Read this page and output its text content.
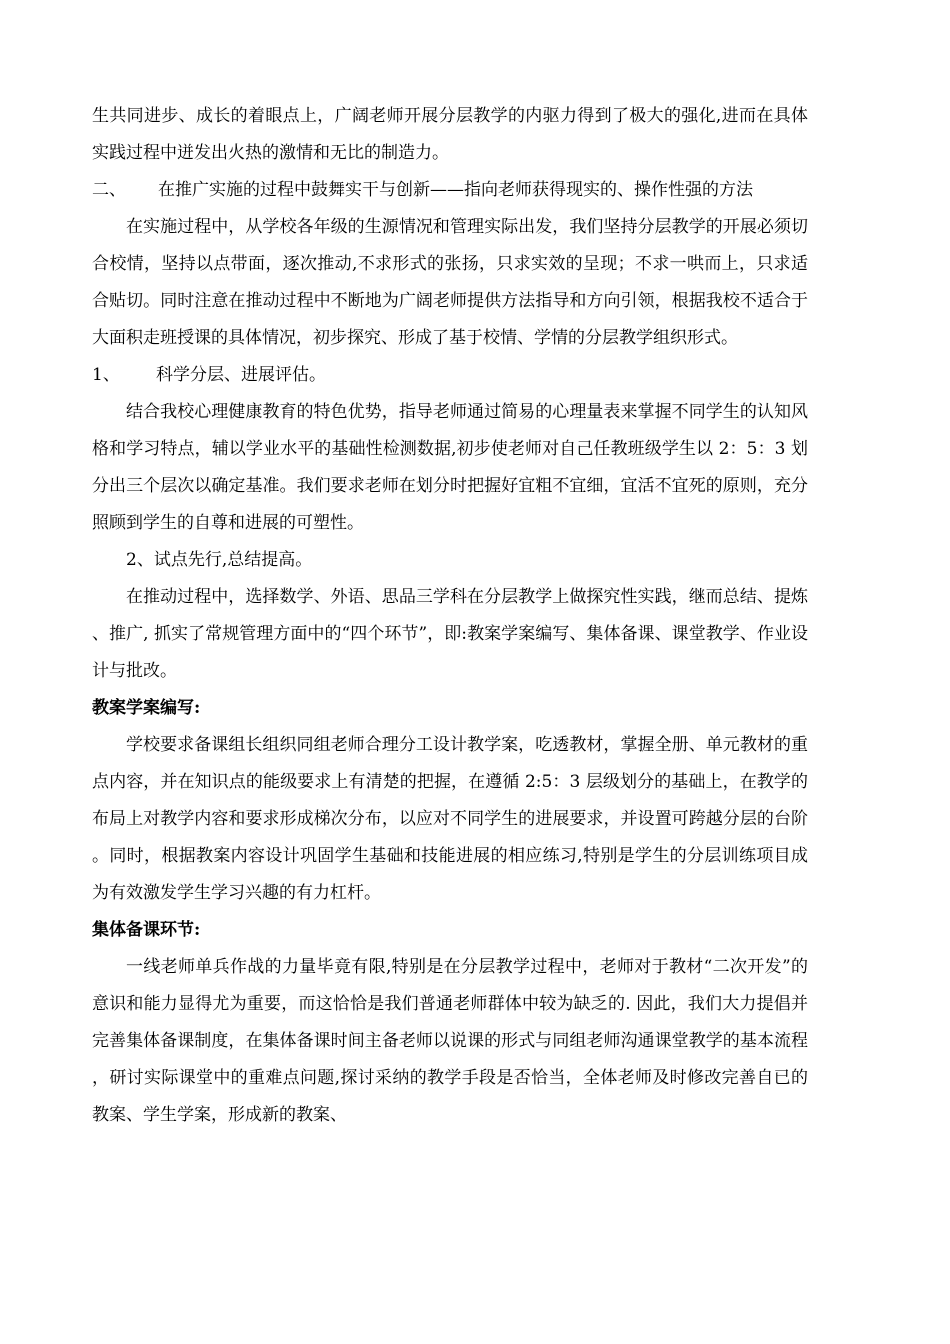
生共同进步、成长的着眼点上，广阔老师开展分层教学的内驱力得到了极大的强化,进而在具体实践过程中迸发出火热的激情和无比的制造力。

二、	在推广实施的过程中鼓舞实干与创新——指向老师获得现实的、操作性强的方法

在实施过程中，从学校各年级的生源情况和管理实际出发，我们坚持分层教学的开展必须切合校情，坚持以点带面，逐次推动,不求形式的张扬，只求实效的呈现；不求一哄而上，只求适合贴切。同时注意在推动过程中不断地为广阔老师提供方法指导和方向引领，根据我校不适合于大面积走班授课的具体情况，初步探究、形成了基于校情、学情的分层教学组织形式。

1、 科学分层、进展评估。

结合我校心理健康教育的特色优势，指导老师通过简易的心理量表来掌握不同学生的认知风格和学习特点，辅以学业水平的基础性检测数据,初步使老师对自己任教班级学生以 2：5：3 划分出三个层次以确定基准。我们要求老师在划分时把握好宜粗不宜细，宜活不宜死的原则，充分照顾到学生的自尊和进展的可塑性。

2、试点先行,总结提高。

在推动过程中，选择数学、外语、思品三学科在分层教学上做探究性实践，继而总结、提炼、推广, 抓实了常规管理方面中的“四个环节”，即:教案学案编写、集体备课、课堂教学、作业设计与批改。

教案学案编写:

学校要求备课组长组织同组老师合理分工设计教学案，吃透教材，掌握全册、单元教材的重点内容，并在知识点的能级要求上有清楚的把握，在遵循 2:5：3 层级划分的基础上，在教学的布局上对教学内容和要求形成梯次分布，以应对不同学生的进展要求，并设置可跨越分层的台阶。同时，根据教案内容设计巩固学生基础和技能进展的相应练习,特别是学生的分层训练项目成为有效激发学生学习兴趣的有力杠杆。

集体备课环节:

一线老师单兵作战的力量毕竟有限,特别是在分层教学过程中，老师对于教材“二次开发”的意识和能力显得尤为重要，而这恰恰是我们普通老师群体中较为缺乏的. 因此，我们大力提倡并完善集体备课制度，在集体备课时间主备老师以说课的形式与同组老师沟通课堂教学的基本流程，研讨实际课堂中的重难点问题,探讨采纳的教学手段是否恰当，全体老师及时修改完善自已的教案、学生学案，形成新的教案、
